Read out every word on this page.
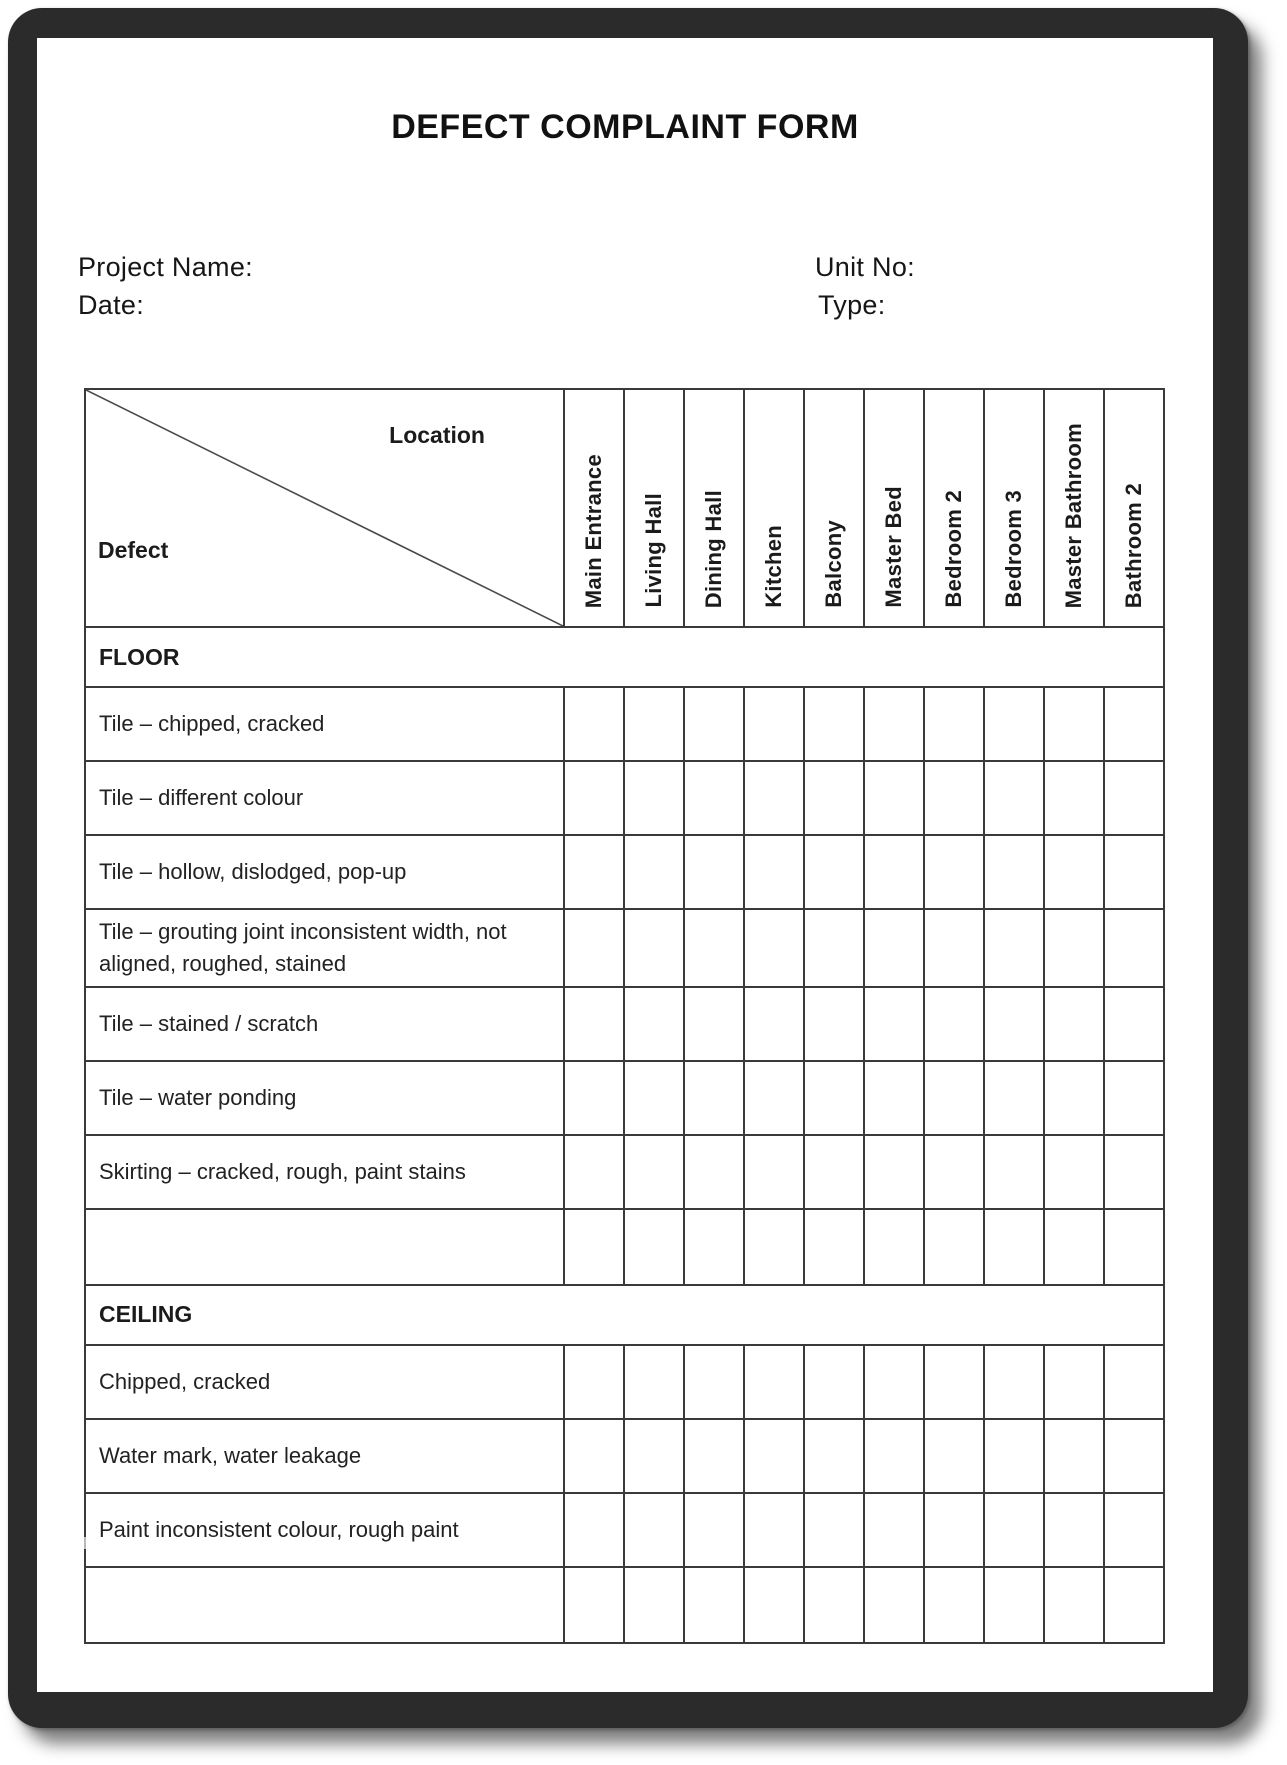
DEFECT COMPLAINT FORM
Project Name:
Date:
Unit No:
Type:
Location
Defect	Main Entrance	Living Hall	Dining Hall	Kitchen	Balcony	Master Bed	Bedroom 2	Bedroom 3	Master Bathroom	Bathroom 2
FLOOR										
Tile – chipped, cracked										
Tile – different colour										
Tile – hollow, dislodged, pop-up										
Tile – grouting joint inconsistent width, not aligned, roughed, stained										
Tile – stained / scratch										
Tile – water ponding										
Skirting – cracked, rough, paint stains										

CEILING										
Chipped, cracked										
Water mark, water leakage										
Paint inconsistent colour, rough paint										
